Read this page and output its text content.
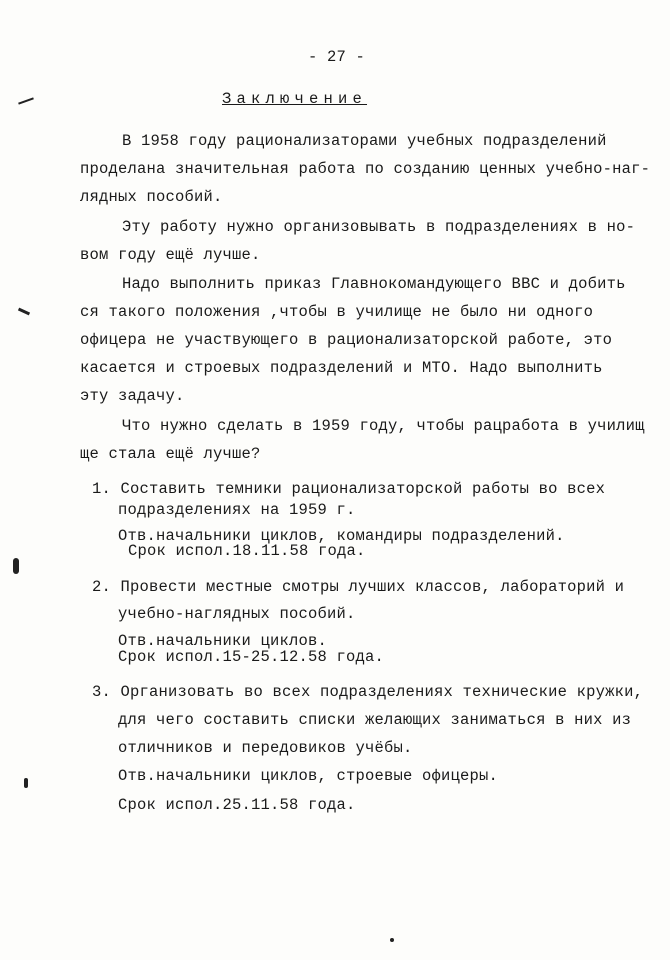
- 27 -
Заключение
В 1958 году рационализаторами учебных подразделений
проделана значительная работа по созданию ценных учебно-наг-
лядных пособий.
Эту работу нужно организовывать в подразделениях в но-
вом году ещё лучше.
Надо выполнить приказ Главнокомандующего ВВС и добить
ся такого положения ,чтобы в училище не было ни одного
офицера не участвующего в рационализаторской работе, это
касается и строевых подразделений и МТО. Надо выполнить
эту задачу.
Что нужно сделать в 1959 году, чтобы рацработа в училищ
ще стала ещё лучше?
1. Составить темники рационализаторской работы во всех
подразделениях на 1959 г.
Отв.начальники циклов, командиры подразделений.
Срок испол.18.11.58 года.
2. Провести местные смотры лучших классов, лабораторий и
учебно-наглядных пособий.
Отв.начальники циклов.
Срок испол.15-25.12.58 года.
3. Организовать во всех подразделениях технические кружки,
для чего составить списки желающих заниматься в них из
отличников и передовиков учёбы.
Отв.начальники циклов, строевые офицеры.
Срок испол.25.11.58 года.
